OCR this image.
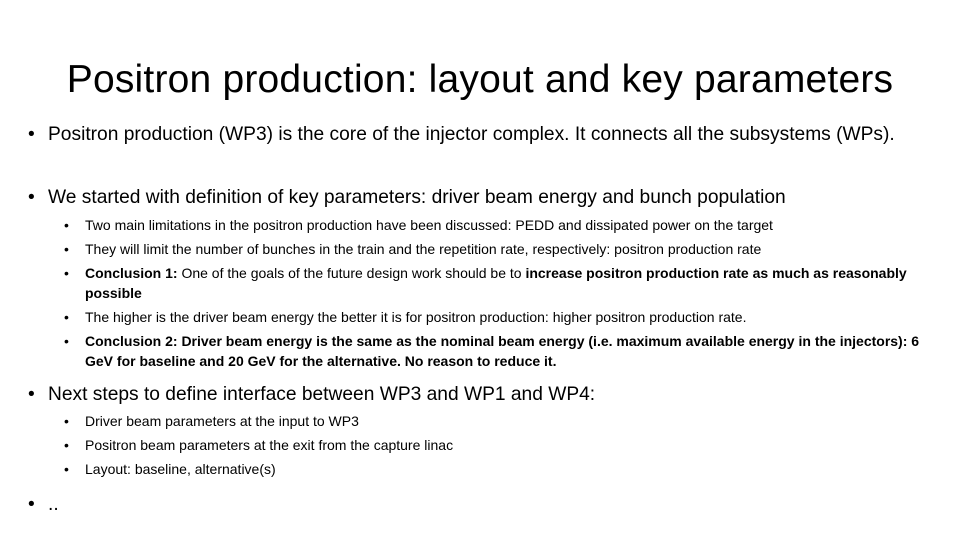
Positron production: layout and key parameters
• Positron production (WP3) is the core of the injector complex. It connects all the subsystems (WPs).
• We started with definition of key parameters: driver beam energy and bunch population
• Two main limitations in the positron production have been discussed: PEDD and dissipated power on the target
• They will limit the number of bunches in the train and the repetition rate, respectively: positron production rate
• Conclusion 1: One of the goals of the future design work should be to increase positron production rate as much as reasonably possible
• The higher is the driver beam energy the better it is for positron production: higher positron production rate.
• Conclusion 2: Driver beam energy is the same as the nominal beam energy (i.e. maximum available energy in the injectors): 6 GeV for baseline and 20 GeV for the alternative. No reason to reduce it.
• Next steps to define interface between WP3 and WP1 and WP4:
• Driver beam parameters at the input to WP3
• Positron beam parameters at the exit from the capture linac
• Layout: baseline, alternative(s)
• ..
